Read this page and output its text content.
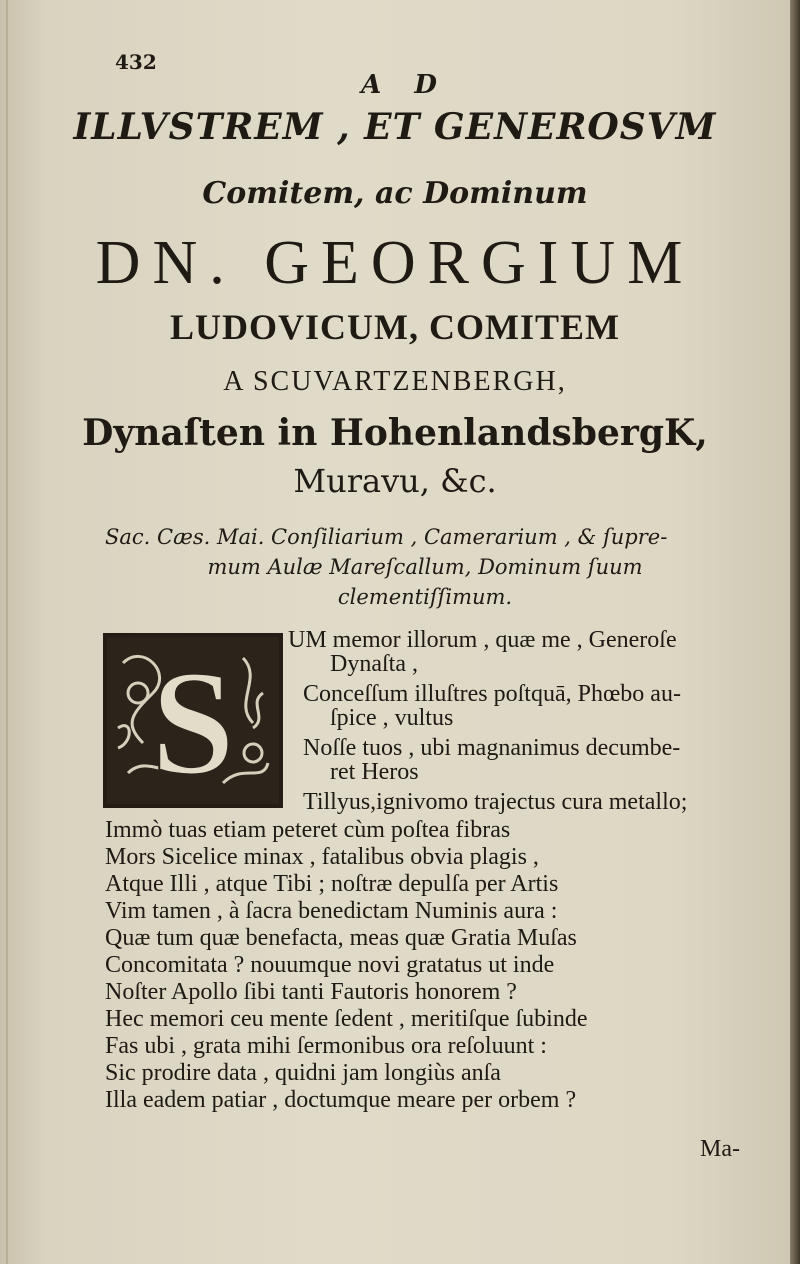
432
A D
ILLVSTREM , ET GENEROSVM
Comitem, ac Dominum
DN. GEORGIUM
LUDOVICUM, COMITEM
A SCUVARTZENBERGH,
Dynaſten in HohenlandsbergK,
Muravu, &c.
Sac. Cæs. Mai. Conſiliarium , Camerarium , & ſupre-
mum Aulæ Mareſcallum, Dominum ſuum
clementiſſimum.
S UM memor illorum , quæ me , Generoſe
Dynaſta ,
Conceſſum illuſtres poſtquā, Phœbo au-
ſpice , vultus
Noſſe tuos , ubi magnanimus decumbe-
ret Heros
Tillyus,ignivomo trajectus cura metallo;
Immò tuas etiam peteret cùm poſtea fibras
Mors Sicelice minax , fatalibus obvia plagis ,
Atque Illi , atque Tibi ; noſtræ depulſa per Artis
Vim tamen , à ſacra benedictam Numinis aura :
Quæ tum quæ benefacta, meas quæ Gratia Muſas
Concomitata ? nouumque novi gratatus ut inde
Noſter Apollo ſibi tanti Fautoris honorem ?
Hec memori ceu mente ſedent , meritiſque ſubinde
Fas ubi , grata mihi ſermonibus ora reſoluunt :
Sic prodire data , quidni jam longiùs anſa
Illa eadem patiar , doctumque meare per orbem ?
Ma-
